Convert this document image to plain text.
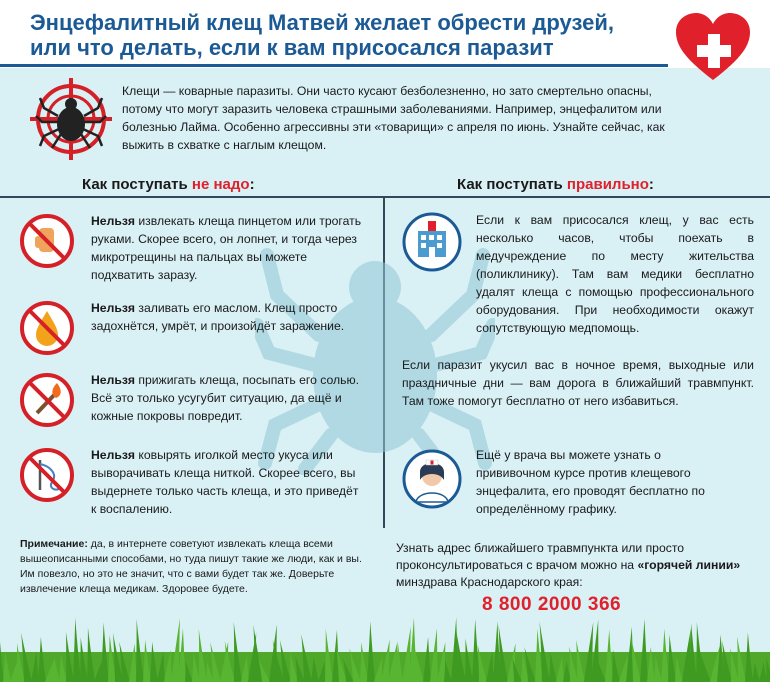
Энцефалитный клещ Матвей желает обрести друзей,
или что делать, если к вам присосался паразит
Клещи — коварные паразиты. Они часто кусают безболезненно, но зато смертельно опасны, потому что могут заразить человека страшными заболеваниями. Например, энцефалитом или болезнью Лайма. Особенно агрессивны эти «товарищи» с апреля по июнь. Узнайте сейчас, как выжить в схватке с наглым клещом.
Как поступать не надо:	Как поступать правильно:
Нельзя извлекать клеща пинцетом или трогать руками. Скорее всего, он лопнет, и тогда через микротрещины на пальцах вы можете подхватить заразу.
Нельзя заливать его маслом. Клещ просто задохнётся, умрёт, и произойдёт заражение.
Нельзя прижигать клеща, посыпать его солью. Всё это только усугубит ситуацию, да ещё и кожные покровы повредит.
Нельзя ковырять иголкой место укуса или выворачивать клеща ниткой. Скорее всего, вы выдернете только часть клеща, и это приведёт к воспалению.
Примечание: да, в интернете советуют извлекать клеща всеми вышеописанными способами, но туда пишут такие же люди, как и вы. Им повезло, но это не значит, что с вами будет так же. Доверьте извлечение клеща медикам. Здоровее будете.
Если к вам присосался клещ, у вас есть несколько часов, чтобы поехать в медучреждение по месту жительства (поликлинику). Там вам медики бесплатно удалят клеща с помощью профессионального оборудования. При необходимости окажут сопутствующую медпомощь.
Если паразит укусил вас в ночное время, выходные или праздничные дни — вам дорога в ближайший травмпункт. Там тоже помогут бесплатно от него избавиться.
Ещё у врача вы можете узнать о прививочном курсе против клещевого энцефалита, его проводят бесплатно по определённому графику.
Узнать адрес ближайшего травмпункта или просто проконсультироваться с врачом можно на «горячей линии» минздрава Краснодарского края:
8 800 2000 366
